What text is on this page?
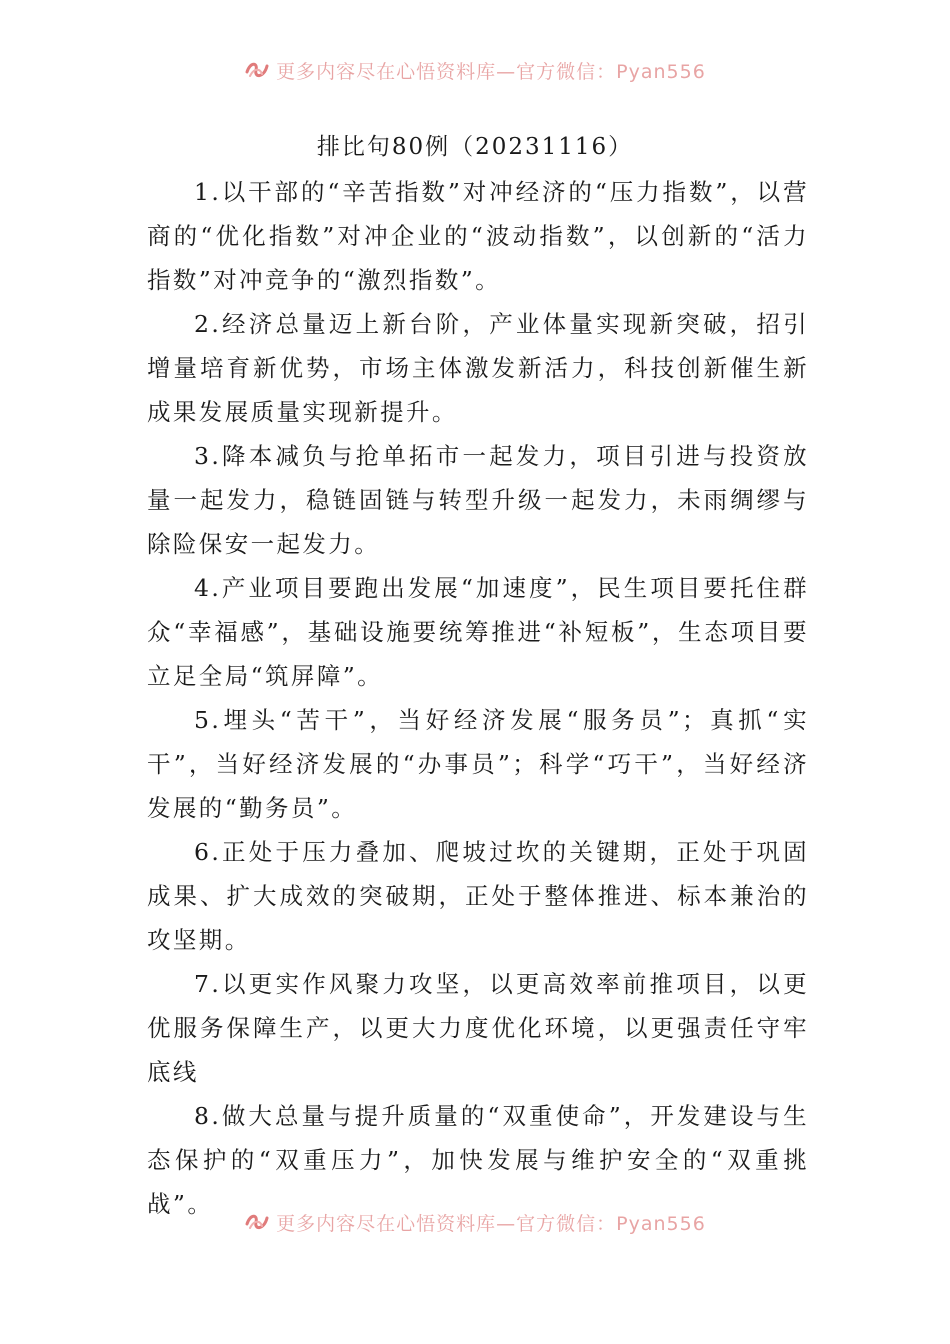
更多内容尽在心悟资料库—官方微信：Pyan556
排比句80例（20231116）

1.以干部的“辛苦指数”对冲经济的“压力指数”，以营商的“优化指数”对冲企业的“波动指数”，以创新的“活力指数”对冲竞争的“激烈指数”。

2.经济总量迈上新台阶，产业体量实现新突破，招引增量培育新优势，市场主体激发新活力，科技创新催生新成果发展质量实现新提升。

3.降本减负与抢单拓市一起发力，项目引进与投资放量一起发力，稳链固链与转型升级一起发力，未雨绸缪与除险保安一起发力。

4.产业项目要跑出发展“加速度”，民生项目要托住群众“幸福感”，基础设施要统筹推进“补短板”，生态项目要立足全局“筑屏障”。

5.埋头“苦干”，当好经济发展“服务员”；真抓“实干”，当好经济发展的“办事员”；科学“巧干”，当好经济发展的“勤务员”。

6.正处于压力叠加、爬坡过坎的关键期，正处于巩固成果、扩大成效的突破期，正处于整体推进、标本兼治的攻坚期。

7.以更实作风聚力攻坚，以更高效率前推项目，以更优服务保障生产，以更大力度优化环境，以更强责任守牢底线

8.做大总量与提升质量的“双重使命”，开发建设与生态保护的“双重压力”，加快发展与维护安全的“双重挑战”。

更多内容尽在心悟资料库—官方微信：Pyan556
